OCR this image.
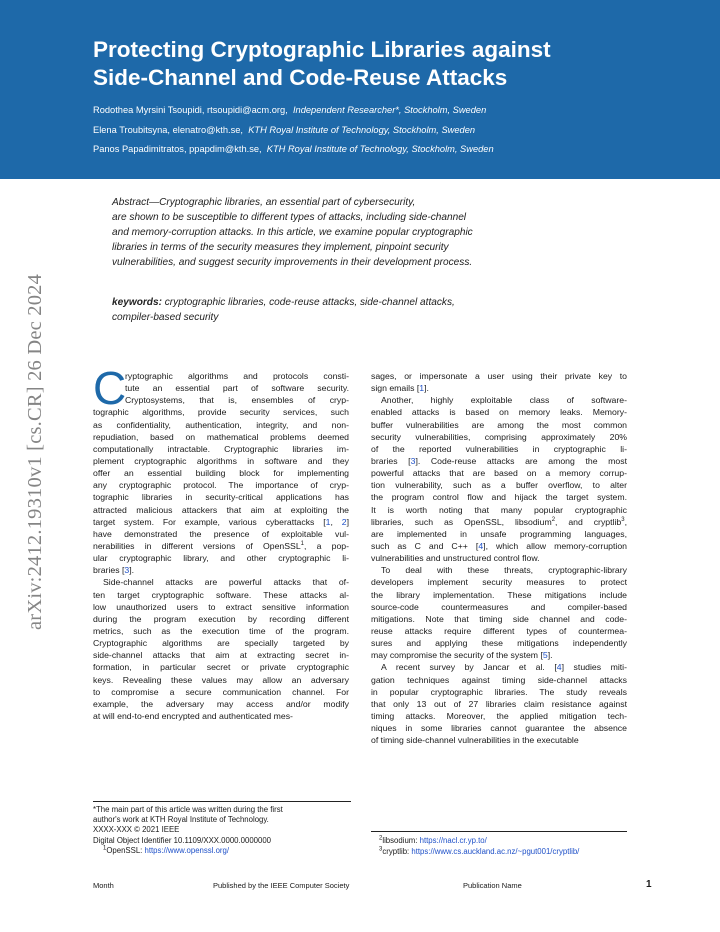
Protecting Cryptographic Libraries against
Side-Channel and Code-Reuse Attacks
Rodothea Myrsini Tsoupidi, rtsoupidi@acm.org, Independent Researcher*, Stockholm, Sweden
Elena Troubitsyna, elenatro@kth.se, KTH Royal Institute of Technology, Stockholm, Sweden
Panos Papadimitratos, ppapdim@kth.se, KTH Royal Institute of Technology, Stockholm, Sweden
arXiv:2412.19310v1 [cs.CR] 26 Dec 2024
Abstract—Cryptographic libraries, an essential part of cybersecurity,
are shown to be susceptible to different types of attacks, including side-channel
and memory-corruption attacks. In this article, we examine popular cryptographic
libraries in terms of the security measures they implement, pinpoint security
vulnerabilities, and suggest security improvements in their development process.
keywords: cryptographic libraries, code-reuse attacks, side-channel attacks,
compiler-based security
C
ryptographic algorithms and protocols consti-
tute an essential part of software security.
Cryptosystems, that is, ensembles of cryp-
tographic algorithms, provide security services, such
as confidentiality, authentication, integrity, and non-
repudiation, based on mathematical problems deemed
computationally intractable. Cryptographic libraries im-
plement cryptographic algorithms in software and they
offer an essential building block for implementing
any cryptographic protocol. The importance of cryp-
tographic libraries in security-critical applications has
attracted malicious attackers that aim at exploiting the
target system. For example, various cyberattacks [1, 2]
have demonstrated the presence of exploitable vul-
nerabilities in different versions of OpenSSL$^1$, a pop-
ular cryptographic library, and other cryptographic li-
braries [3].
Side-channel attacks are powerful attacks that of-
ten target cryptographic software. These attacks al-
low unauthorized users to extract sensitive information
during the program execution by recording different
metrics, such as the execution time of the program.
Cryptographic algorithms are specially targeted by
side-channel attacks that aim at extracting secret in-
formation, in particular secret or private cryptographic
keys. Revealing these values may allow an adversary
to compromise a secure communication channel. For
example, the adversary may access and/or modify
at will end-to-end encrypted and authenticated mes-
sages, or impersonate a user using their private key to
sign emails [1].
Another, highly exploitable class of software-
enabled attacks is based on memory leaks. Memory-
buffer vulnerabilities are among the most common
security vulnerabilities, comprising approximately 20%
of the reported vulnerabilities in cryptographic li-
braries [3]. Code-reuse attacks are among the most
powerful attacks that are based on a memory corrup-
tion vulnerability, such as a buffer overflow, to alter
the program control flow and hijack the target system.
It is worth noting that many popular cryptographic
libraries, such as OpenSSL, libsodium$^2$, and cryptlib$^3$,
are implemented in unsafe programming languages,
such as C and C++ [4], which allow memory-corruption
vulnerabilities and unstructured control flow.
To deal with these threats, cryptographic-library
developers implement security measures to protect
the library implementation. These mitigations include
source-code countermeasures and compiler-based
mitigations. Note that timing side channel and code-
reuse attacks require different types of countermea-
sures and applying these mitigations independently
may compromise the security of the system [5].
A recent survey by Jancar et al. [4] studies miti-
gation techniques against timing side-channel attacks
in popular cryptographic libraries. The study reveals
that only 13 out of 27 libraries claim resistance against
timing attacks. Moreover, the applied mitigation tech-
niques in some libraries cannot guarantee the absence
of timing side-channel vulnerabilities in the executable
*The main part of this article was written during the first
author's work at KTH Royal Institute of Technology.
XXXX-XXX © 2021 IEEE
Digital Object Identifier 10.1109/XXX.0000.0000000
$^1$OpenSSL: https://www.openssl.org/
$^2$libsodium: https://nacl.cr.yp.to/
$^3$cryptlib: https://www.cs.auckland.ac.nz/~pgut001/cryptlib/
Month	Published by the IEEE Computer Society	Publication Name	1
